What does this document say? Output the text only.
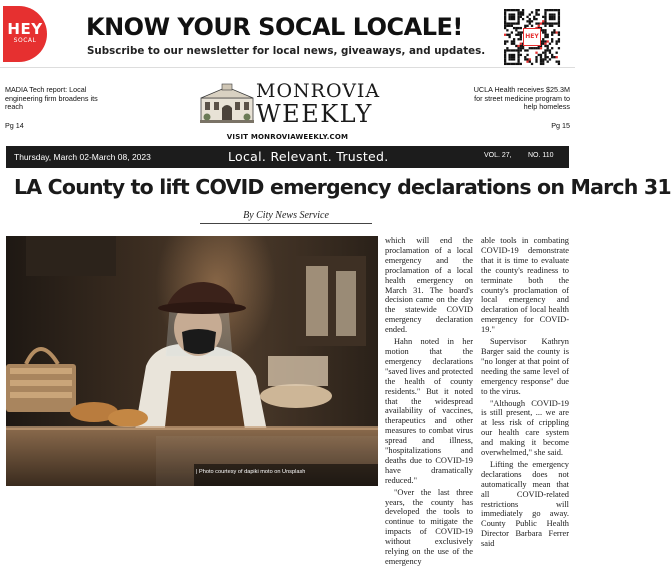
HEY
SOCAL	KNOW YOUR SOCAL LOCALE!
Subscribe to our newsletter for local news, giveaways, and updates.
HEY
MADIA Tech report: Local engineering firm broadens its reach
Pg 14
MONROVIA
WEEKLY
UCLA Health receives $25.3M for street medicine program to help homeless
Pg 15
VISIT MONROVIAWEEKLY.COM
Thursday, March 02-March 08, 2023	Local. Relevant. Trusted.	VOL. 27, NO. 110
LA County to lift COVID emergency declarations on March 31
By City News Service
| Photo courtesy of dapiki moto on Unsplash

which will end the proclamation of a local emergency and the proclamation of a local health emergency on March 31. The board's decision came on the day the statewide COVID emergency declaration ended.

Hahn noted in her motion that the emergency declarations "saved lives and protected the health of county residents." But it noted that the widespread availability of vaccines, therapeutics and other measures to combat virus spread and illness, "hospitalizations and deaths due to COVID-19 have dramatically reduced."

"Over the last three years, the county has developed the tools to continue to mitigate the impacts of COVID-19 without exclusively relying on the use of the emergency

able tools in combating COVID-19 demonstrate that it is time to evaluate the county's readiness to terminate both the county's proclamation of local emergency and declaration of local health emergency for COVID-19."

Supervisor Kathryn Barger said the county is "no longer at that point of needing the same level of emergency response" due to the virus.

"Although COVID-19 is still present, ... we are at less risk of crippling our health care system and making it become overwhelmed," she said.

Lifting the emergency declarations does not automatically mean that all COVID-related restrictions will immediately go away. County Public Health Director Barbara Ferrer said
